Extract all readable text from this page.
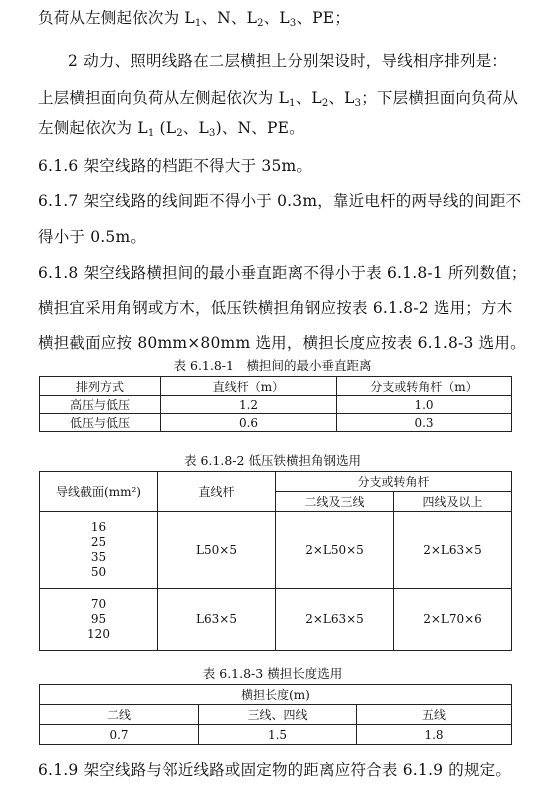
负荷从左侧起依次为 $L_1$、N、$L_2$、$L_3$、PE；
2 动力、照明线路在二层横担上分别架设时，导线相序排列是：
上层横担面向负荷从左侧起依次为 $L_1$、$L_2$、$L_3$；下层横担面向负荷从
左侧起依次为 $L_1$ ($L_2$、$L_3$)、N、PE。
6.1.6 架空线路的档距不得大于 35m。
6.1.7 架空线路的线间距不得小于 0.3m，靠近电杆的两导线的间距不
得小于 0.5m。
6.1.8 架空线路横担间的最小垂直距离不得小于表 6.1.8-1 所列数值；
横担宜采用角钢或方木，低压铁横担角钢应按表 6.1.8-2 选用；方木
横担截面应按 80mm×80mm 选用，横担长度应按表 6.1.8-3 选用。
表 6.1.8-1　横担间的最小垂直距离
排列方式	直线杆（m）	分支或转角杆（m）
高压与低压	1.2	1.0
低压与低压	0.6	0.3
表 6.1.8-2 低压铁横担角钢选用
导线截面(mm²)	直线杆	分支或转角杆	
		二线及三线	四线及以上

16
25
35
50	L50×5	2×L50×5	2×L63×5

70
95
120	L63×5	2×L63×5	2×L70×6
表 6.1.8-3 横担长度选用
横担长度(m)		
二线	三线、四线	五线
0.7	1.5	1.8
6.1.9 架空线路与邻近线路或固定物的距离应符合表 6.1.9 的规定。
